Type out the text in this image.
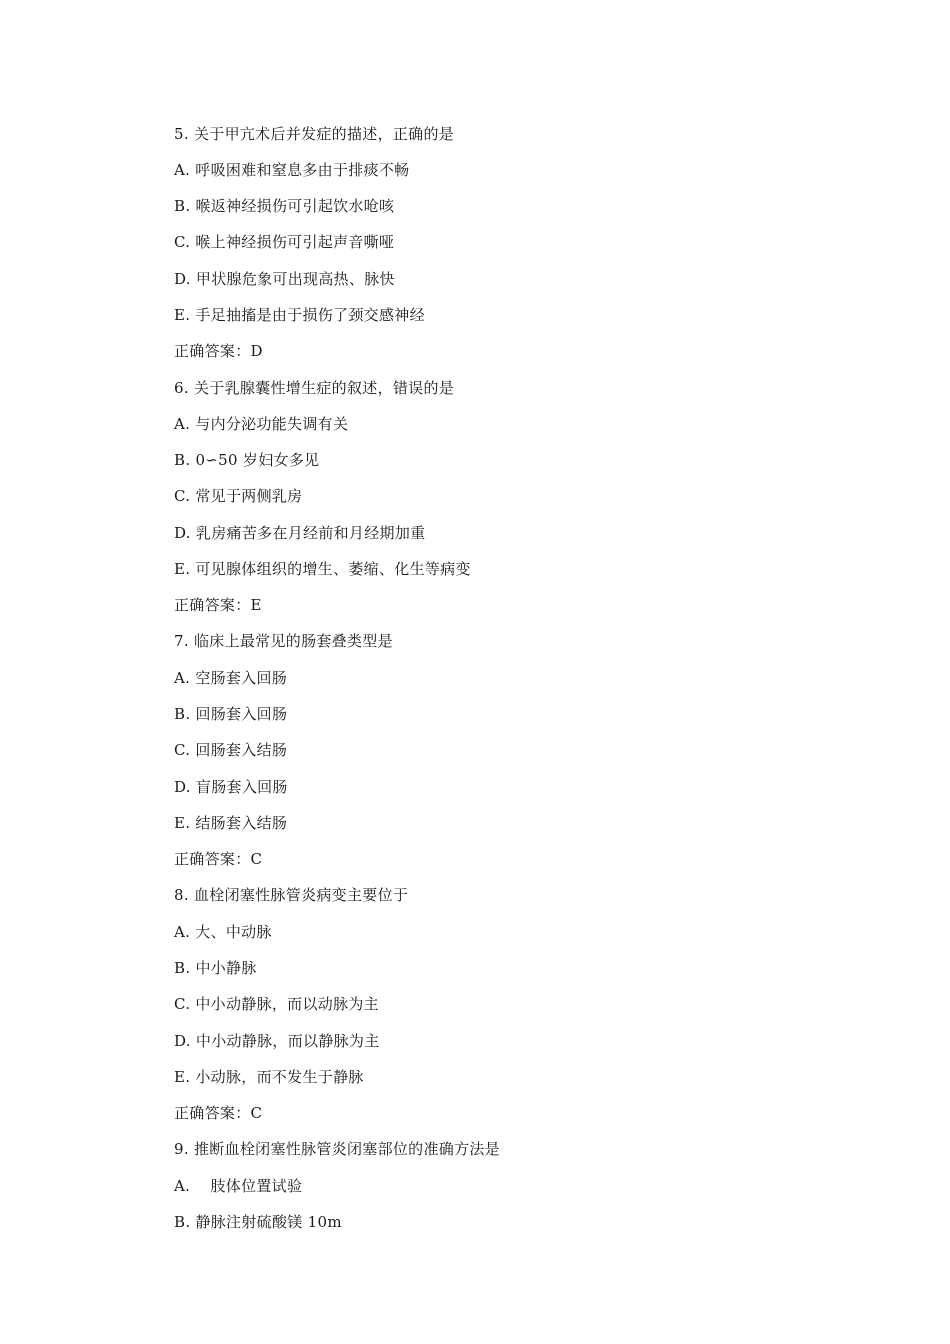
5. 关于甲亢术后并发症的描述，正确的是
A. 呼吸困难和窒息多由于排痰不畅
B. 喉返神经损伤可引起饮水呛咳
C. 喉上神经损伤可引起声音嘶哑
D. 甲状腺危象可出现高热、脉快
E. 手足抽搐是由于损伤了颈交感神经
正确答案：D
6. 关于乳腺囊性增生症的叙述，错误的是
A. 与内分泌功能失调有关
B. 0∽50 岁妇女多见
C. 常见于两侧乳房
D. 乳房痛苦多在月经前和月经期加重
E. 可见腺体组织的增生、萎缩、化生等病变
正确答案：E
7. 临床上最常见的肠套叠类型是
A. 空肠套入回肠
B. 回肠套入回肠
C. 回肠套入结肠
D. 盲肠套入回肠
E. 结肠套入结肠
正确答案：C
8. 血栓闭塞性脉管炎病变主要位于
A. 大、中动脉
B. 中小静脉
C. 中小动静脉，而以动脉为主
D. 中小动静脉，而以静脉为主
E. 小动脉，而不发生于静脉
正确答案：C
9. 推断血栓闭塞性脉管炎闭塞部位的准确方法是
A.    肢体位置试验
B. 静脉注射硫酸镁 10m
